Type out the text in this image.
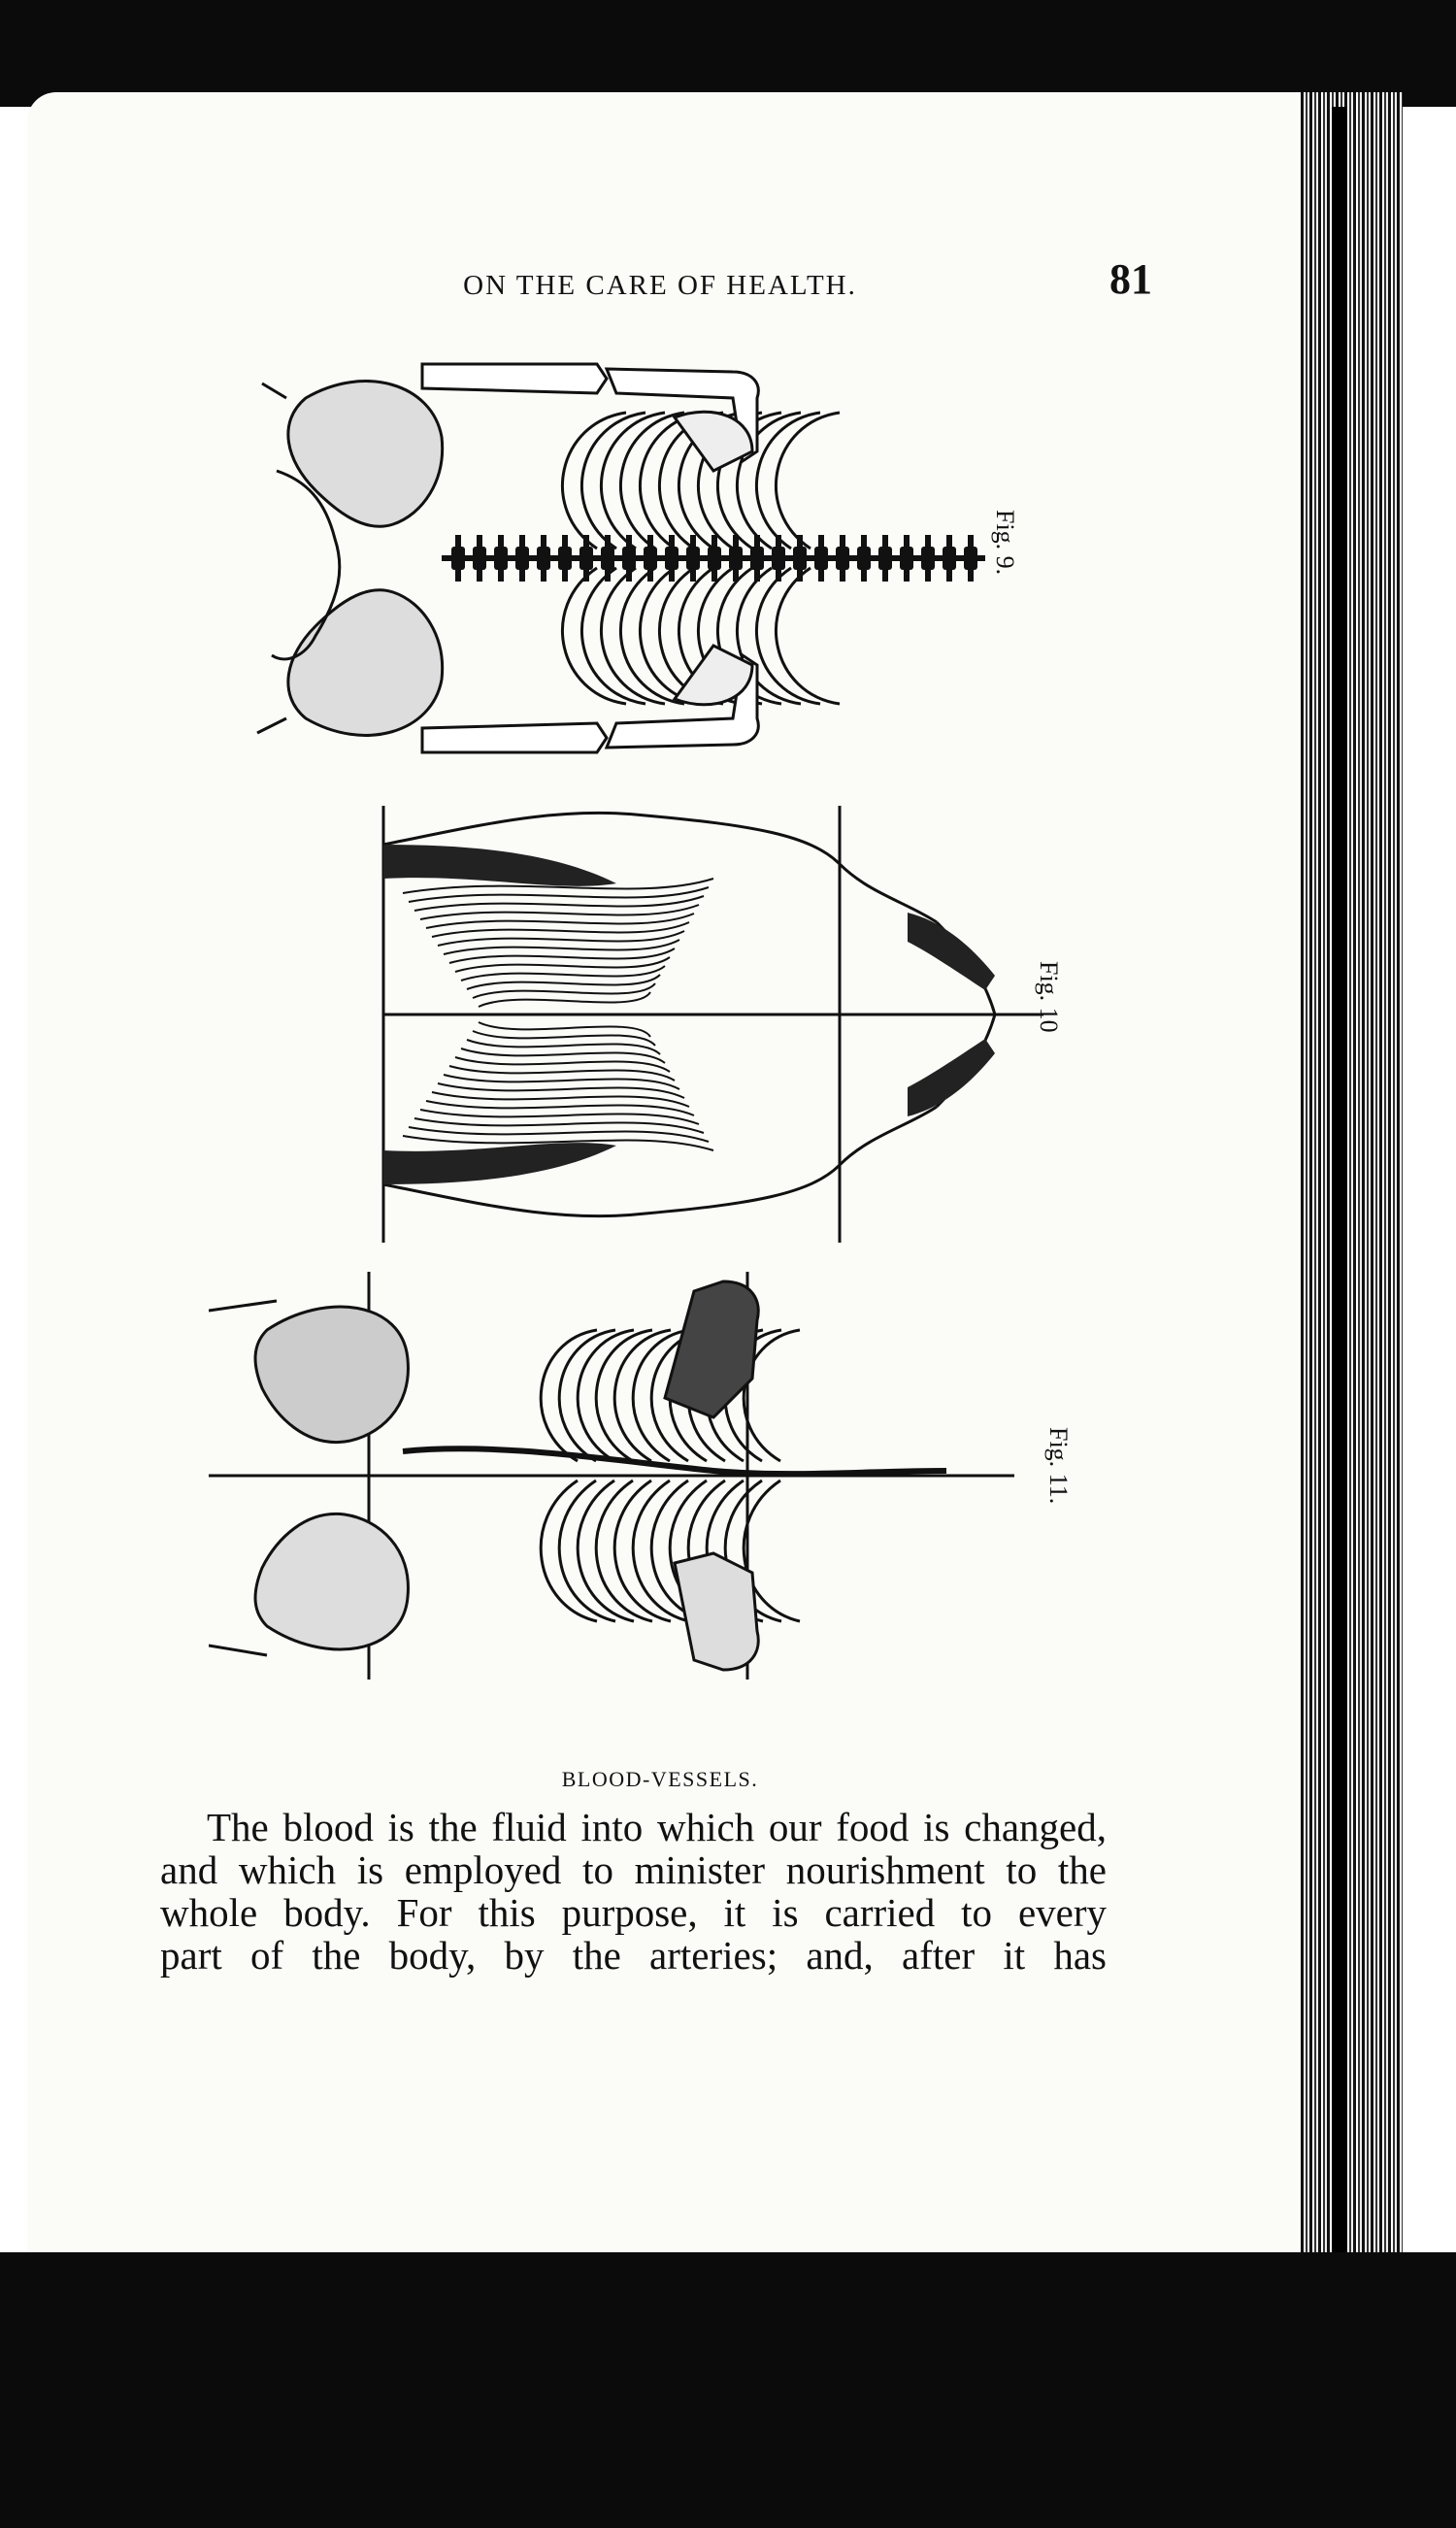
ON THE CARE OF HEALTH.	81
Fig. 9.
Fig. 10
Fig. 11.
BLOOD-VESSELS.
The blood is the fluid into which our food is changed,
and which is employed to minister nourishment to the
whole body. For this purpose, it is carried to every
part of the body, by the arteries; and, after it has
